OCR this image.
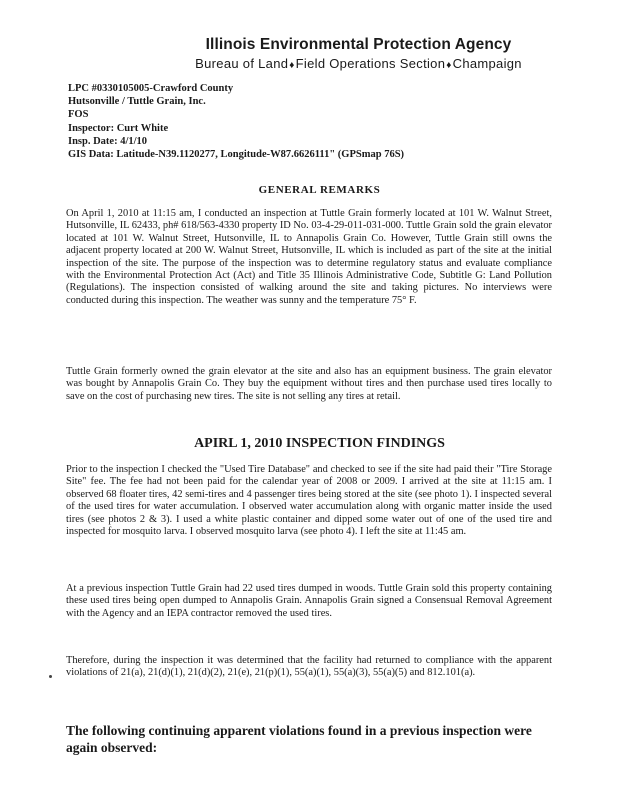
Illinois Environmental Protection Agency
Bureau of Land♦Field Operations Section♦Champaign
LPC #0330105005-Crawford County
Hutsonville / Tuttle Grain, Inc.
FOS
Inspector: Curt White
Insp. Date: 4/1/10
GIS Data: Latitude-N39.1120277, Longitude-W87.6626111" (GPSmap 76S)
GENERAL REMARKS
On April 1, 2010 at 11:15 am, I conducted an inspection at Tuttle Grain formerly located at 101 W. Walnut Street, Hutsonville, IL 62433, ph# 618/563-4330 property ID No. 03-4-29-011-031-000. Tuttle Grain sold the grain elevator located at 101 W. Walnut Street, Hutsonville, IL to Annapolis Grain Co. However, Tuttle Grain still owns the adjacent property located at 200 W. Walnut Street, Hutsonville, IL which is included as part of the site at the initial inspection of the site. The purpose of the inspection was to determine regulatory status and evaluate compliance with the Environmental Protection Act (Act) and Title 35 Illinois Administrative Code, Subtitle G: Land Pollution (Regulations). The inspection consisted of walking around the site and taking pictures. No interviews were conducted during this inspection. The weather was sunny and the temperature 75° F.
Tuttle Grain formerly owned the grain elevator at the site and also has an equipment business. The grain elevator was bought by Annapolis Grain Co. They buy the equipment without tires and then purchase used tires locally to save on the cost of purchasing new tires. The site is not selling any tires at retail.
APIRL 1, 2010 INSPECTION FINDINGS
Prior to the inspection I checked the "Used Tire Database" and checked to see if the site had paid their "Tire Storage Site" fee. The fee had not been paid for the calendar year of 2008 or 2009. I arrived at the site at 11:15 am. I observed 68 floater tires, 42 semi-tires and 4 passenger tires being stored at the site (see photo 1). I inspected several of the used tires for water accumulation. I observed water accumulation along with organic matter inside the used tires (see photos 2 & 3). I used a white plastic container and dipped some water out of one of the used tire and inspected for mosquito larva. I observed mosquito larva (see photo 4). I left the site at 11:45 am.
At a previous inspection Tuttle Grain had 22 used tires dumped in woods. Tuttle Grain sold this property containing these used tires being open dumped to Annapolis Grain. Annapolis Grain signed a Consensual Removal Agreement with the Agency and an IEPA contractor removed the used tires.
Therefore, during the inspection it was determined that the facility had returned to compliance with the apparent violations of 21(a), 21(d)(1), 21(d)(2), 21(e), 21(p)(1), 55(a)(1), 55(a)(3), 55(a)(5) and 812.101(a).
The following continuing apparent violations found in a previous inspection were again observed:
